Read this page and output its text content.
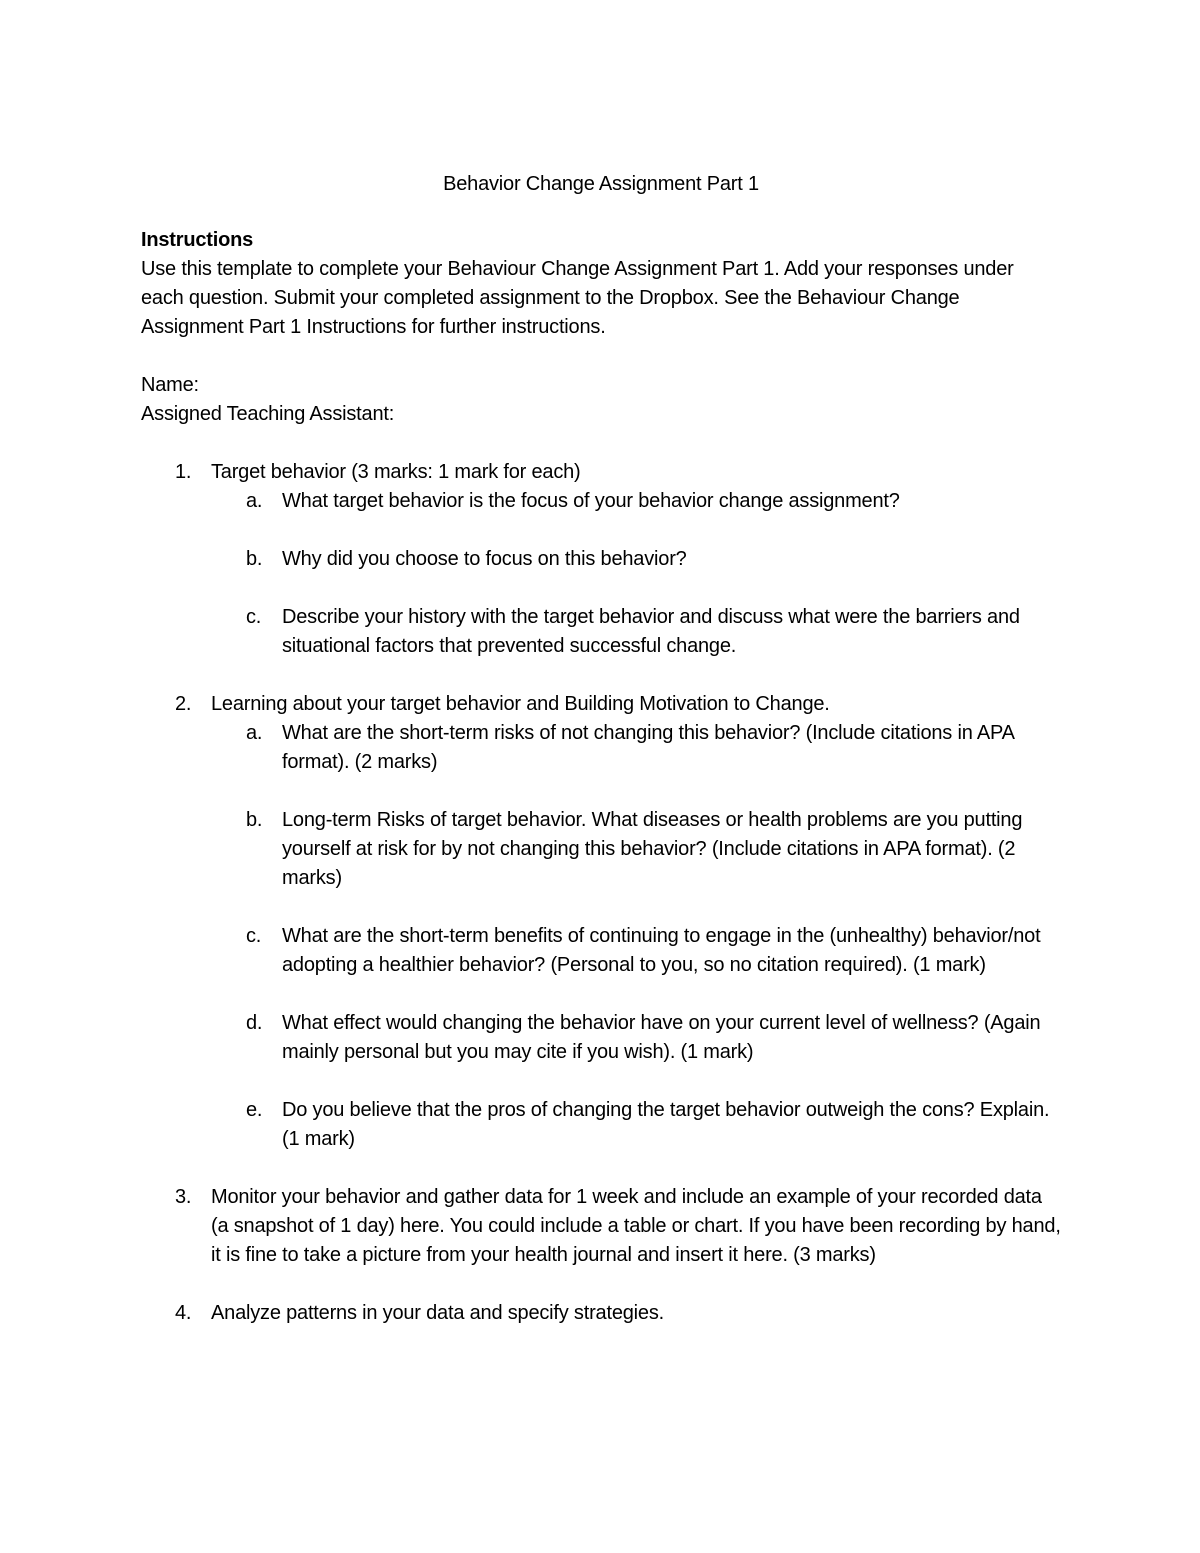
Behavior Change Assignment Part 1

Instructions

Use this template to complete your Behaviour Change Assignment Part 1. Add your responses under each question. Submit your completed assignment to the Dropbox. See the Behaviour Change Assignment Part 1 Instructions for further instructions.

Name:

Assigned Teaching Assistant:

1. Target behavior (3 marks: 1 mark for each)
a. What target behavior is the focus of your behavior change assignment?
b. Why did you choose to focus on this behavior?
c. Describe your history with the target behavior and discuss what were the barriers and situational factors that prevented successful change.
2. Learning about your target behavior and Building Motivation to Change.
a. What are the short-term risks of not changing this behavior? (Include citations in APA format). (2 marks)
b. Long-term Risks of target behavior. What diseases or health problems are you putting yourself at risk for by not changing this behavior? (Include citations in APA format). (2 marks)
c. What are the short-term benefits of continuing to engage in the (unhealthy) behavior/not adopting a healthier behavior? (Personal to you, so no citation required). (1 mark)
d. What effect would changing the behavior have on your current level of wellness? (Again mainly personal but you may cite if you wish). (1 mark)
e. Do you believe that the pros of changing the target behavior outweigh the cons? Explain. (1 mark)
3. Monitor your behavior and gather data for 1 week and include an example of your recorded data (a snapshot of 1 day) here. You could include a table or chart. If you have been recording by hand, it is fine to take a picture from your health journal and insert it here. (3 marks)
4. Analyze patterns in your data and specify strategies.
